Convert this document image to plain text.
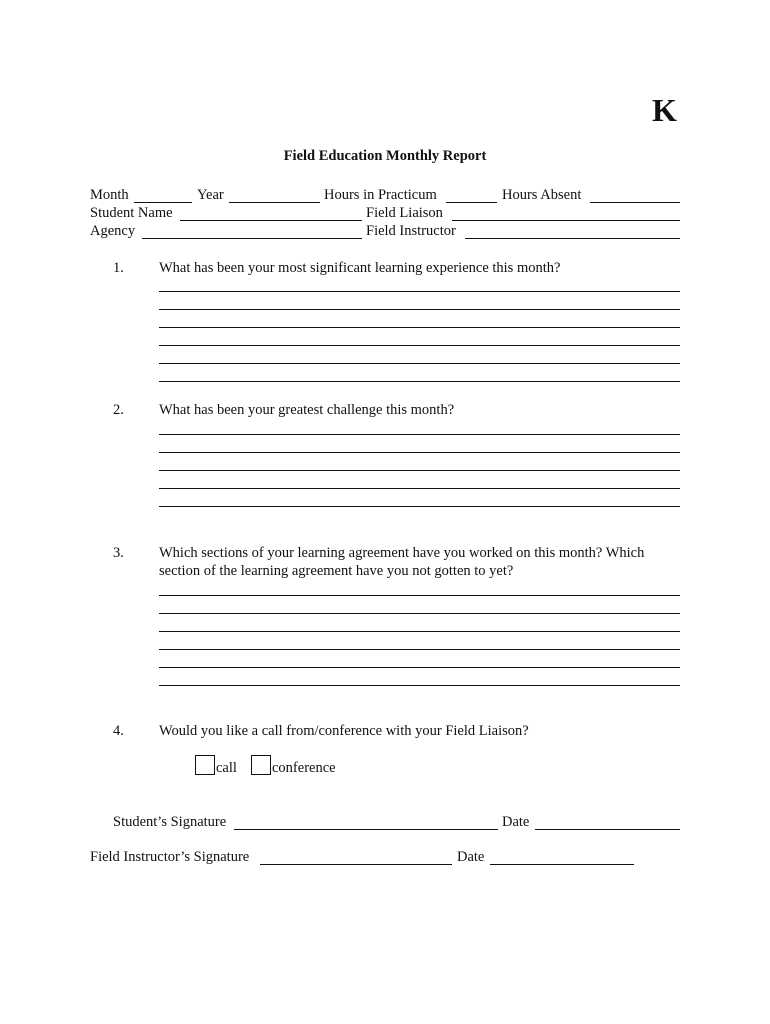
K
Field Education Monthly Report
Month	Year	Hours in Practicum	Hours Absent
Student Name	Field Liaison
Agency	Field Instructor
1. What has been your most significant learning experience this month?
2. What has been your greatest challenge this month?
3. Which sections of your learning agreement have you worked on this month? Which
section of the learning agreement have you not gotten to yet?
4. Would you like a call from/conference with your Field Liaison?
call conference
Student’s Signature	Date
Field Instructor’s Signature	Date
